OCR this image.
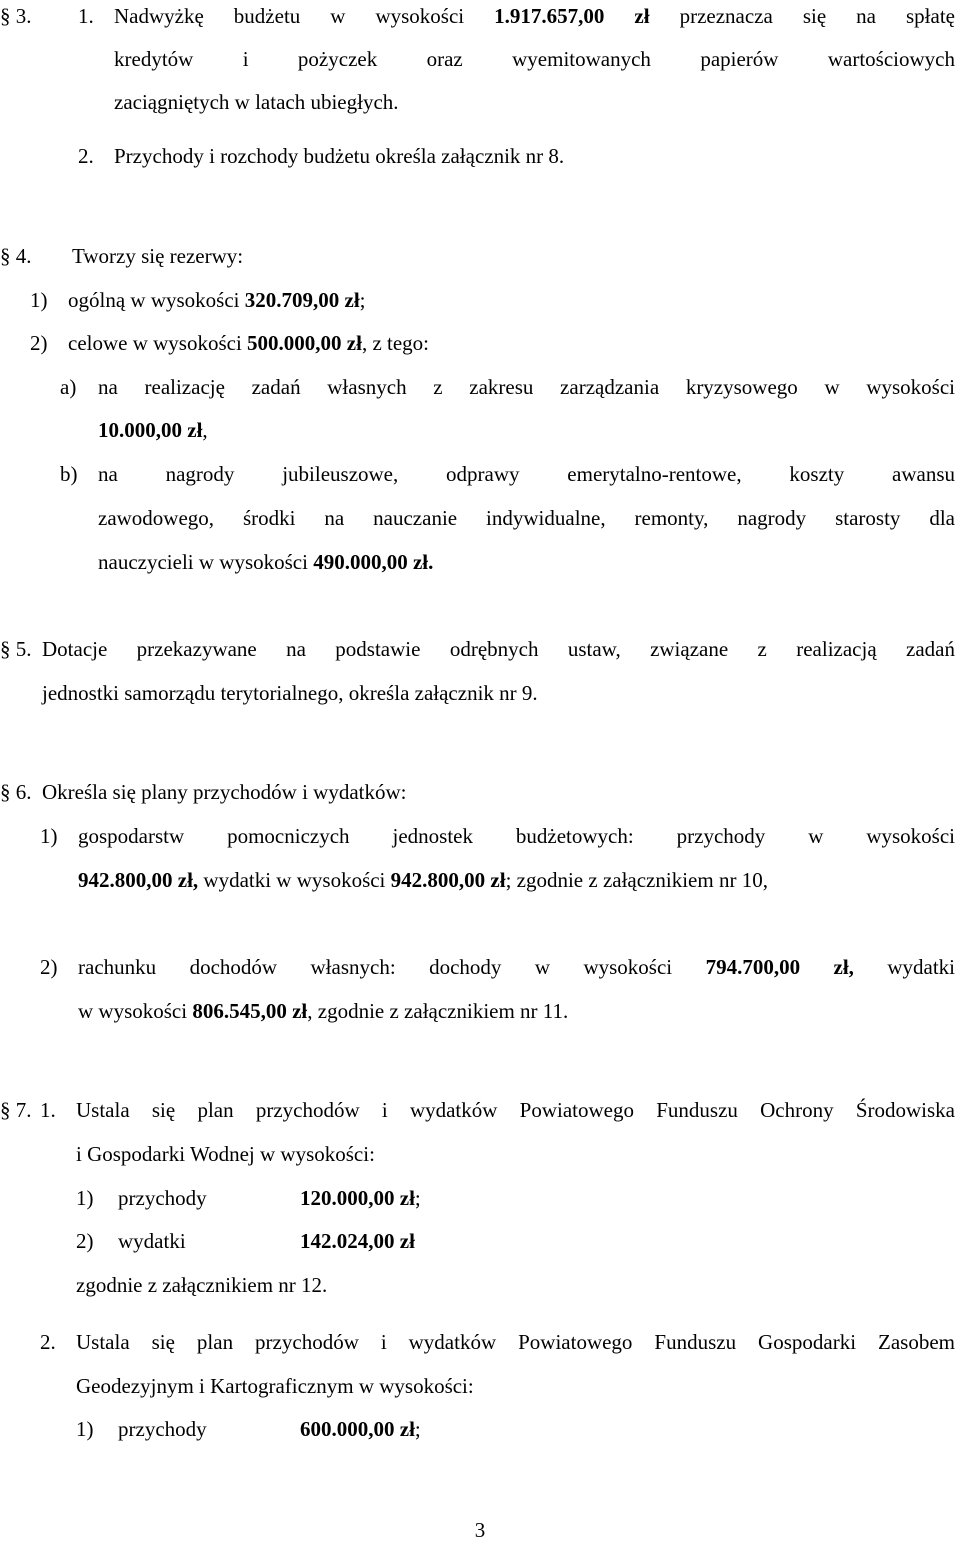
§ 3. 1. Nadwyżkę budżetu w wysokości 1.917.657,00 zł przeznacza się na spłatę
kredytów i pożyczek oraz wyemitowanych papierów wartościowych
zaciągniętych w latach ubiegłych.
2. Przychody i rozchody budżetu określa załącznik nr 8.
§ 4. Tworzy się rezerwy:
1) ogólną w wysokości 320.709,00 zł;
2) celowe w wysokości 500.000,00 zł, z tego:
a) na realizację zadań własnych z zakresu zarządzania kryzysowego w wysokości
10.000,00 zł,
b) na nagrody jubileuszowe, odprawy emerytalno-rentowe, koszty awansu
zawodowego, środki na nauczanie indywidualne, remonty, nagrody starosty dla
nauczycieli w wysokości 490.000,00 zł.
§ 5. Dotacje przekazywane na podstawie odrębnych ustaw, związane z realizacją zadań
jednostki samorządu terytorialnego, określa załącznik nr 9.
§ 6. Określa się plany przychodów i wydatków:
1) gospodarstw pomocniczych jednostek budżetowych: przychody w wysokości
942.800,00 zł, wydatki w wysokości 942.800,00 zł; zgodnie z załącznikiem nr 10,
2) rachunku dochodów własnych: dochody w wysokości 794.700,00 zł, wydatki
w wysokości 806.545,00 zł, zgodnie z załącznikiem nr 11.
§ 7. 1. Ustala się plan przychodów i wydatków Powiatowego Funduszu Ochrony Środowiska
i Gospodarki Wodnej w wysokości:
1) przychody	120.000,00 zł;
2) wydatki	142.024,00 zł
zgodnie z załącznikiem nr 12.
2. Ustala się plan przychodów i wydatków Powiatowego Funduszu Gospodarki Zasobem
Geodezyjnym i Kartograficznym w wysokości:
1) przychody	600.000,00 zł;
3
